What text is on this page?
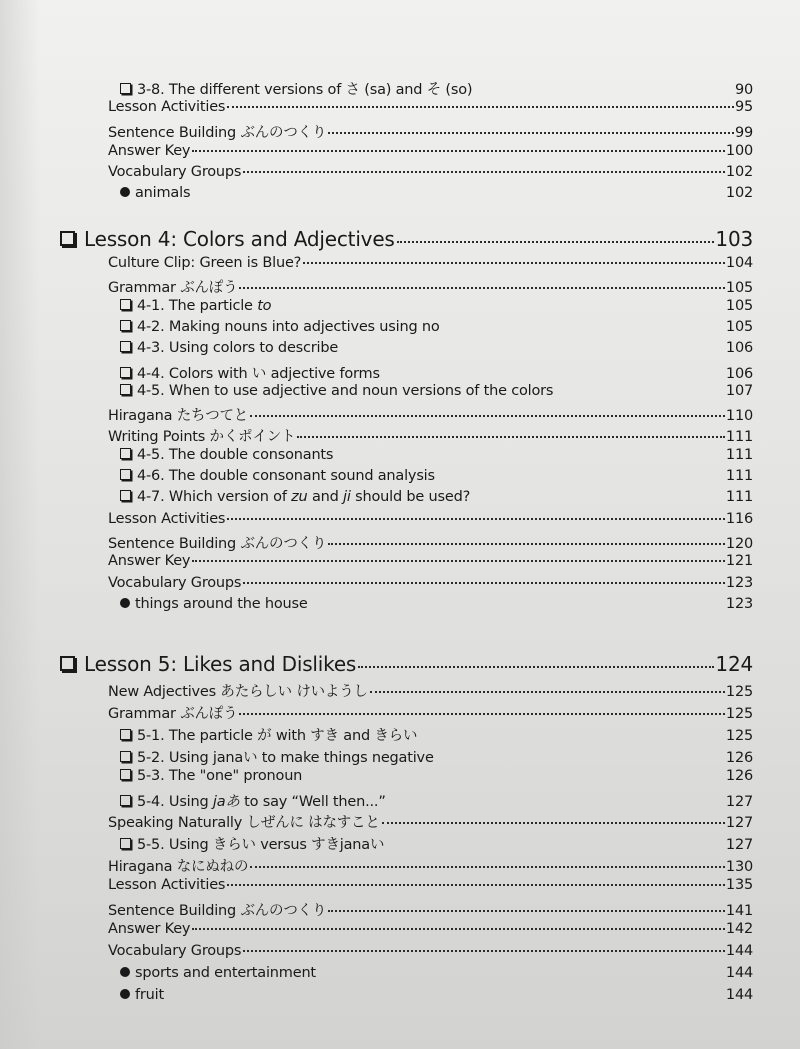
3-8. The different versions of さ (sa) and そ (so)	90
Lesson Activities	95
Sentence Building ぶんのつくり	99
Answer Key	100
Vocabulary Groups	102
animals	102
Lesson 4: Colors and Adjectives	103
Culture Clip: Green is Blue?	104
Grammar ぶんぽう	105
4-1. The particle to	105
4-2. Making nouns into adjectives using no	105
4-3. Using colors to describe	106
4-4. Colors with い adjective forms	106
4-5. When to use adjective and noun versions of the colors	107
Hiragana たちつてと	110
Writing Points かくポイント	111
4-5. The double consonants	111
4-6. The double consonant sound analysis	111
4-7. Which version of zu and ji should be used?	111
Lesson Activities	116
Sentence Building ぶんのつくり	120
Answer Key	121
Vocabulary Groups	123
things around the house	123
Lesson 5: Likes and Dislikes	124
New Adjectives あたらしい けいようし	125
Grammar ぶんぽう	125
5-1. The particle が with すき and きらい	125
5-2. Using janaい to make things negative	126
5-3. The "one" pronoun	126
5-4. Using jaあ to say “Well then...”	127
Speaking Naturally しぜんに はなすこと	127
5-5. Using きらい versus すきjanaい	127
Hiragana なにぬねの	130
Lesson Activities	135
Sentence Building ぶんのつくり	141
Answer Key	142
Vocabulary Groups	144
sports and entertainment	144
fruit	144
